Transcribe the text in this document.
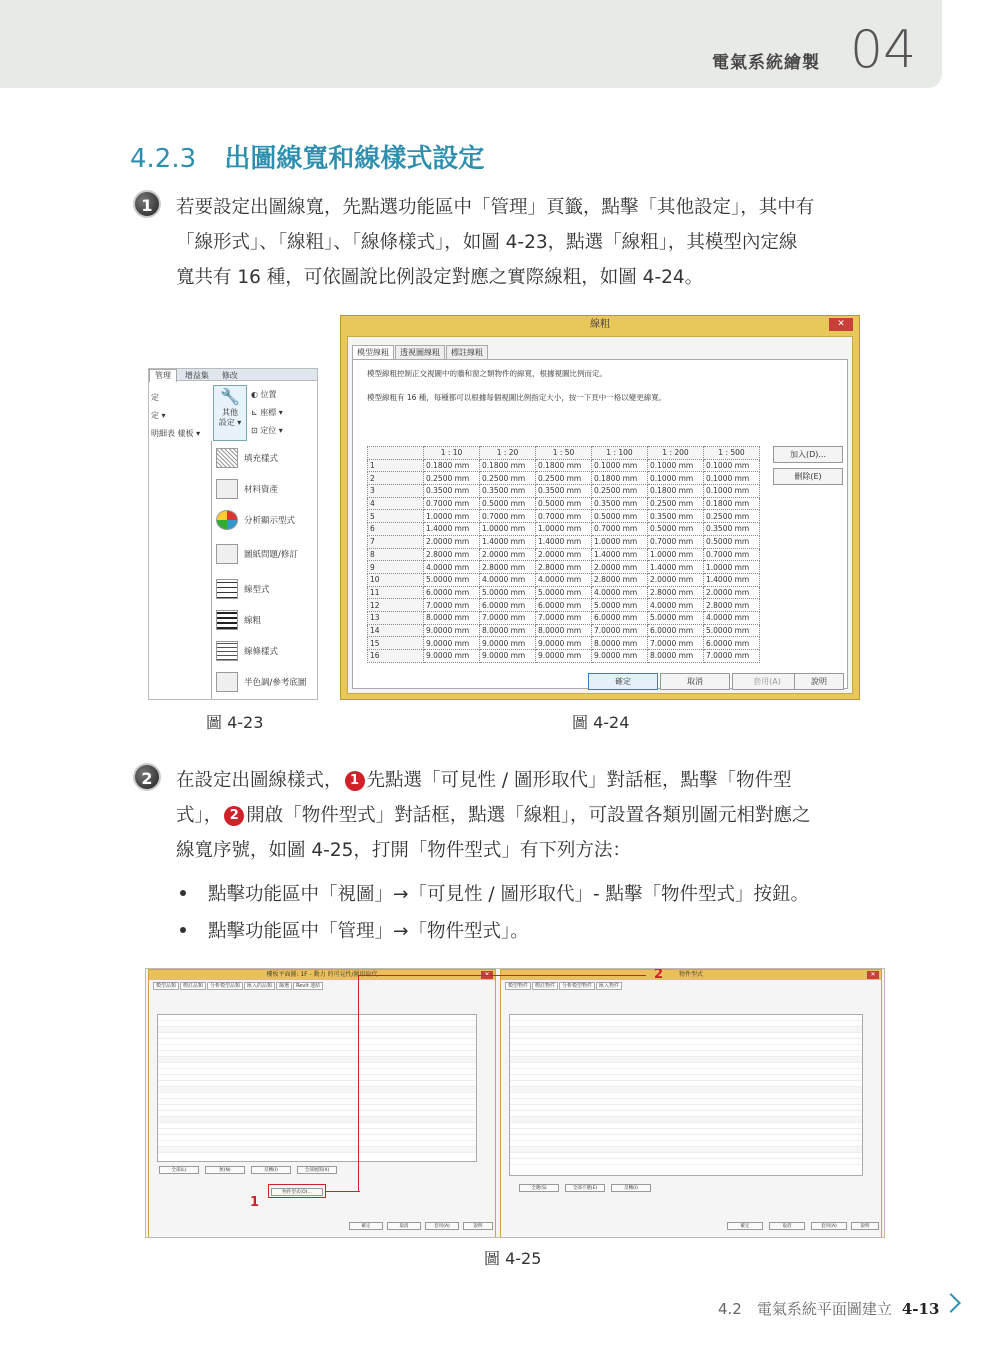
電氣系統繪製 04
4.2.3 出圖線寬和線樣式設定
1	若要設定出圖線寬，先點選功能區中「管理」頁籤，點擊「其他設定」，其中有
「線形式」、「線粗」、「線條樣式」，如圖 4-23，點選「線粗」，其模型內定線
寬共有 16 種，可依圖說比例設定對應之實際線粗，如圖 4-24。
管理 增益集 修改
定
定 ▾
明細表 樣板 ▾
🔧
其他
設定 ▾
◐ 位置
⊾ 座標 ▾
⊡ 定位 ▾
填充樣式
材料資產
分析顯示型式
圖紙問題/修訂
線型式
線粗
線條樣式
半色調/參考底圖
圖 4-23
線粗	✕
模型線粗 透視圖線粗 標註線粗
模型線粗控制正交視圖中的牆和窗之類物件的線寬，根據視圖比例而定。
模型線粗有 16 種，每種都可以根據每個視圖比例指定大小，按一下頁中一格以變更線寬。
	1 : 10	1 : 20	1 : 50	1 : 100	1 : 200	1 : 500
1	0.1800 mm	0.1800 mm	0.1800 mm	0.1000 mm	0.1000 mm	0.1000 mm
2	0.2500 mm	0.2500 mm	0.2500 mm	0.1800 mm	0.1000 mm	0.1000 mm
3	0.3500 mm	0.3500 mm	0.3500 mm	0.2500 mm	0.1800 mm	0.1000 mm
4	0.7000 mm	0.5000 mm	0.5000 mm	0.3500 mm	0.2500 mm	0.1800 mm
5	1.0000 mm	0.7000 mm	0.7000 mm	0.5000 mm	0.3500 mm	0.2500 mm
6	1.4000 mm	1.0000 mm	1.0000 mm	0.7000 mm	0.5000 mm	0.3500 mm
7	2.0000 mm	1.4000 mm	1.4000 mm	1.0000 mm	0.7000 mm	0.5000 mm
8	2.8000 mm	2.0000 mm	2.0000 mm	1.4000 mm	1.0000 mm	0.7000 mm
9	4.0000 mm	2.8000 mm	2.8000 mm	2.0000 mm	1.4000 mm	1.0000 mm
10	5.0000 mm	4.0000 mm	4.0000 mm	2.8000 mm	2.0000 mm	1.4000 mm
11	6.0000 mm	5.0000 mm	5.0000 mm	4.0000 mm	2.8000 mm	2.0000 mm
12	7.0000 mm	6.0000 mm	6.0000 mm	5.0000 mm	4.0000 mm	2.8000 mm
13	8.0000 mm	7.0000 mm	7.0000 mm	6.0000 mm	5.0000 mm	4.0000 mm
14	9.0000 mm	8.0000 mm	8.0000 mm	7.0000 mm	6.0000 mm	5.0000 mm
15	9.0000 mm	9.0000 mm	9.0000 mm	8.0000 mm	7.0000 mm	6.0000 mm
16	9.0000 mm	9.0000 mm	9.0000 mm	9.0000 mm	8.0000 mm	7.0000 mm
加入(D)...
刪除(E)
確定	取消	套用(A)	說明
圖 4-24
2	在設定出圖線樣式， 1 先點選「可見性 / 圖形取代」對話框，點擊「物件型
式」， 2 開啟「物件型式」對話框，點選「線粗」，可設置各類別圖元相對應之
線寬序號，如圖 4-25，打開「物件型式」有下列方法：
點擊功能區中「視圖」→「可見性 / 圖形取代」- 點擊「物件型式」按鈕。
點擊功能區中「管理」→「物件型式」。
樓板平面圖: 1F - 動力 的可見性/圖形取代	✕
模型品類 標註品類 分析模型品類 匯入的品類 篩選 Revit 連結
全部(L)	無(N)	反轉(I)	全部展開(X)
物件型式(O)...
確定	取消	套用(A)	說明
物件型式	✕
模型物件 標註物件 分析模型物件 匯入物件
全選(S)	全部不選(E)	反轉(I)
確定	取消	套用(A)	說明
1
2
圖 4-25
4.2　電氣系統平面圖建立 4-13
